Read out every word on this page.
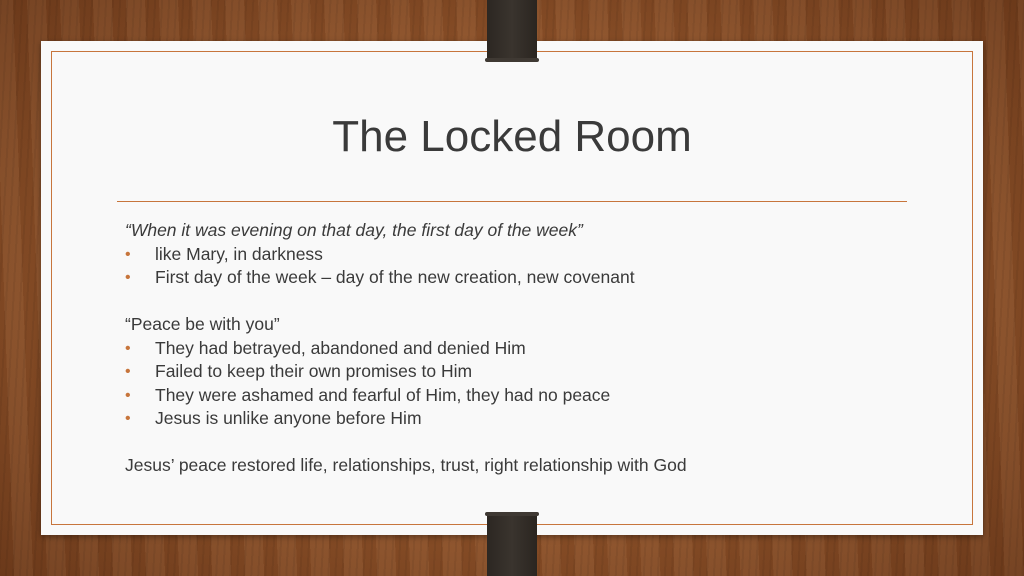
The Locked Room
“When it was evening on that day, the first day of the week”
• like Mary, in darkness
• First day of the week – day of the new creation, new covenant
“Peace be with you”
• They had betrayed, abandoned and denied Him
• Failed to keep their own promises to Him
• They were ashamed and fearful of Him, they had no peace
• Jesus is unlike anyone before Him
Jesus’ peace restored life, relationships, trust, right relationship with God
